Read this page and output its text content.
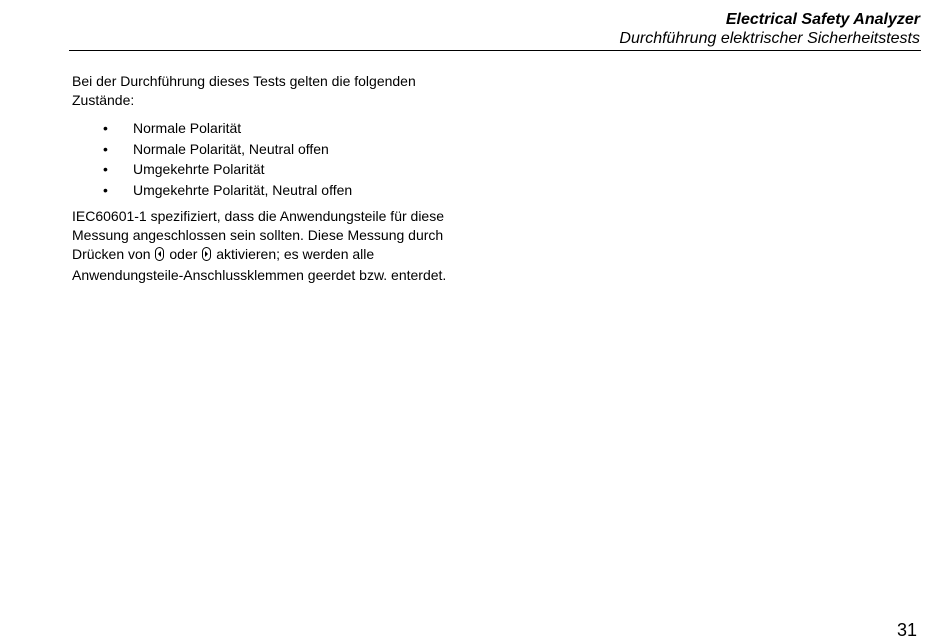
Electrical Safety Analyzer
Durchführung elektrischer Sicherheitstests

Bei der Durchführung dieses Tests gelten die folgenden Zustände:

• Normale Polarität
• Normale Polarität, Neutral offen
• Umgekehrte Polarität
• Umgekehrte Polarität, Neutral offen

IEC60601-1 spezifiziert, dass die Anwendungsteile für diese Messung angeschlossen sein sollten. Diese Messung durch Drücken von oder aktivieren; es werden alle Anwendungsteile-Anschlussklemmen geerdet bzw. enterdet.

31
